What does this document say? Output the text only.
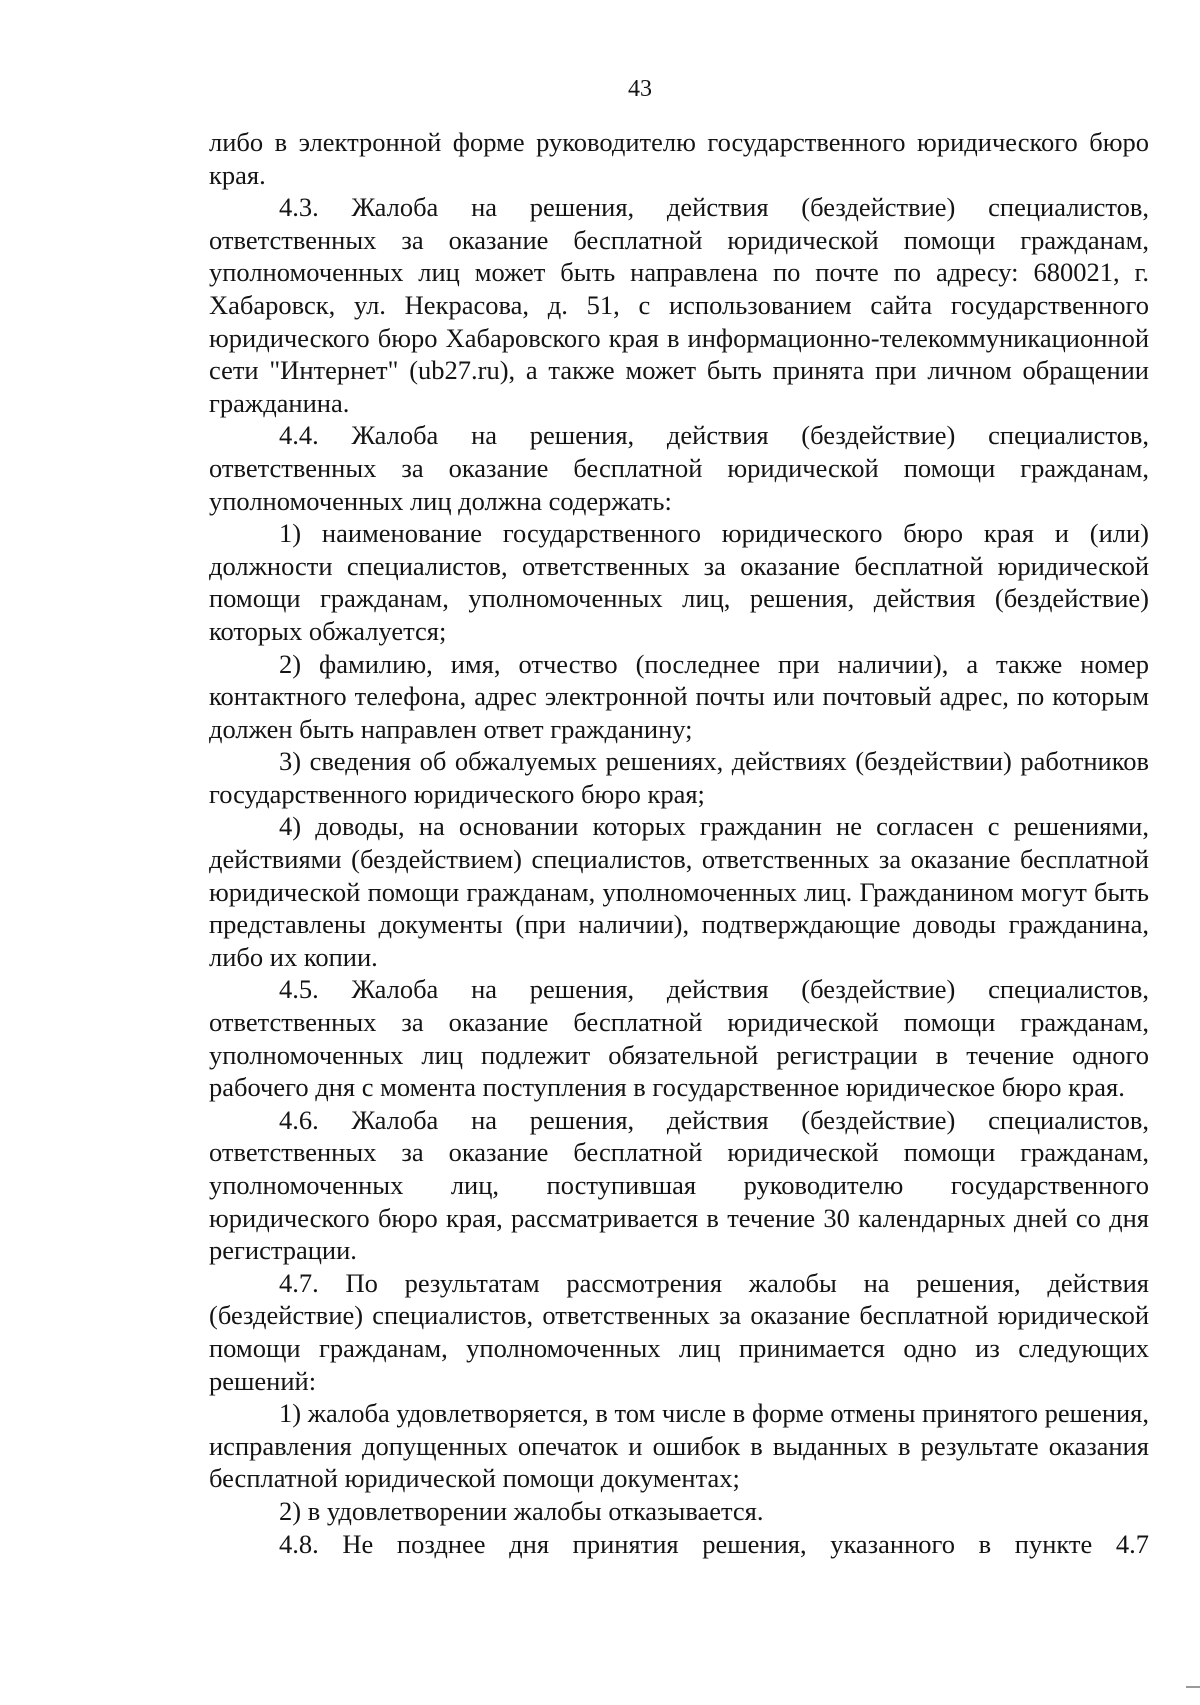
43

либо в электронной форме руководителю государственного юридического бюро края.

4.3. Жалоба на решения, действия (бездействие) специалистов, ответственных за оказание бесплатной юридической помощи гражданам, уполномоченных лиц может быть направлена по почте по адресу: 680021, г. Хабаровск, ул. Некрасова, д. 51, с использованием сайта государственного юридического бюро Хабаровского края в информационно-телекоммуникационной сети "Интернет" (ub27.ru), а также может быть принята при личном обращении гражданина.

4.4. Жалоба на решения, действия (бездействие) специалистов, ответственных за оказание бесплатной юридической помощи гражданам, уполномоченных лиц должна содержать:

1) наименование государственного юридического бюро края и (или) должности специалистов, ответственных за оказание бесплатной юридической помощи гражданам, уполномоченных лиц, решения, действия (бездействие) которых обжалуется;

2) фамилию, имя, отчество (последнее при наличии), а также номер контактного телефона, адрес электронной почты или почтовый адрес, по которым должен быть направлен ответ гражданину;

3) сведения об обжалуемых решениях, действиях (бездействии) работников государственного юридического бюро края;

4) доводы, на основании которых гражданин не согласен с решениями, действиями (бездействием) специалистов, ответственных за оказание бесплатной юридической помощи гражданам, уполномоченных лиц. Гражданином могут быть представлены документы (при наличии), подтверждающие доводы гражданина, либо их копии.

4.5. Жалоба на решения, действия (бездействие) специалистов, ответственных за оказание бесплатной юридической помощи гражданам, уполномоченных лиц подлежит обязательной регистрации в течение одного рабочего дня с момента поступления в государственное юридическое бюро края.

4.6. Жалоба на решения, действия (бездействие) специалистов, ответственных за оказание бесплатной юридической помощи гражданам, уполномоченных лиц, поступившая руководителю государственного юридического бюро края, рассматривается в течение 30 календарных дней со дня регистрации.

4.7. По результатам рассмотрения жалобы на решения, действия (бездействие) специалистов, ответственных за оказание бесплатной юридической помощи гражданам, уполномоченных лиц принимается одно из следующих решений:

1) жалоба удовлетворяется, в том числе в форме отмены принятого решения, исправления допущенных опечаток и ошибок в выданных в результате оказания бесплатной юридической помощи документах;

2) в удовлетворении жалобы отказывается.

4.8. Не позднее дня принятия решения, указанного в пункте 4.7
